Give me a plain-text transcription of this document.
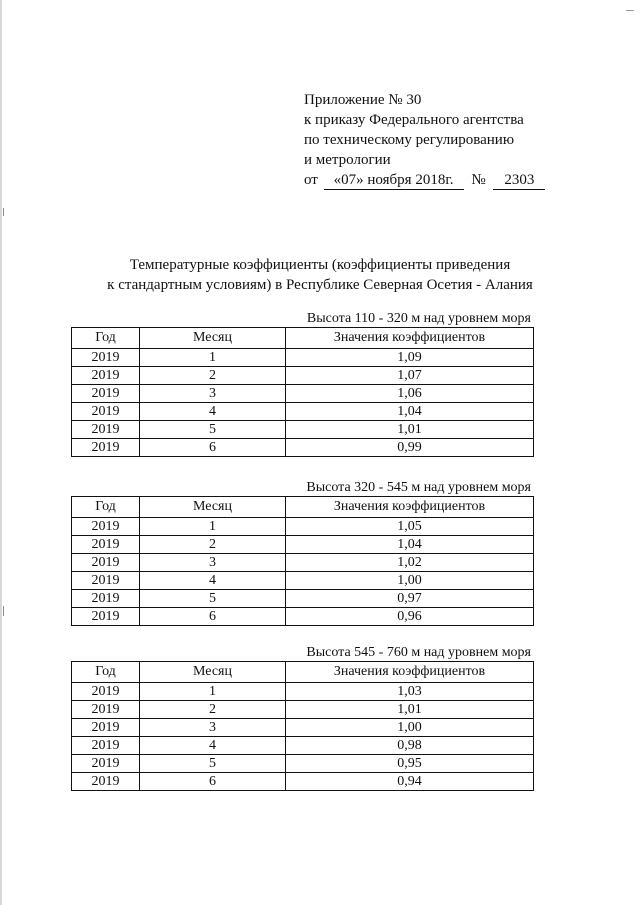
Приложение № 30
к приказу Федерального агентства
по техническому регулированию
и метрологии
от «07» ноября 2018г. № 2303
Температурные коэффициенты (коэффициенты приведения
к стандартным условиям) в Республике Северная Осетия - Алания
Высота 110 - 320 м над уровнем моря
Год	Месяц	Значения коэффициентов
2019	1	1,09
2019	2	1,07
2019	3	1,06
2019	4	1,04
2019	5	1,01
2019	6	0,99
Высота 320 - 545 м над уровнем моря
Год	Месяц	Значения коэффициентов
2019	1	1,05
2019	2	1,04
2019	3	1,02
2019	4	1,00
2019	5	0,97
2019	6	0,96
Высота 545 - 760 м над уровнем моря
Год	Месяц	Значения коэффициентов
2019	1	1,03
2019	2	1,01
2019	3	1,00
2019	4	0,98
2019	5	0,95
2019	6	0,94
